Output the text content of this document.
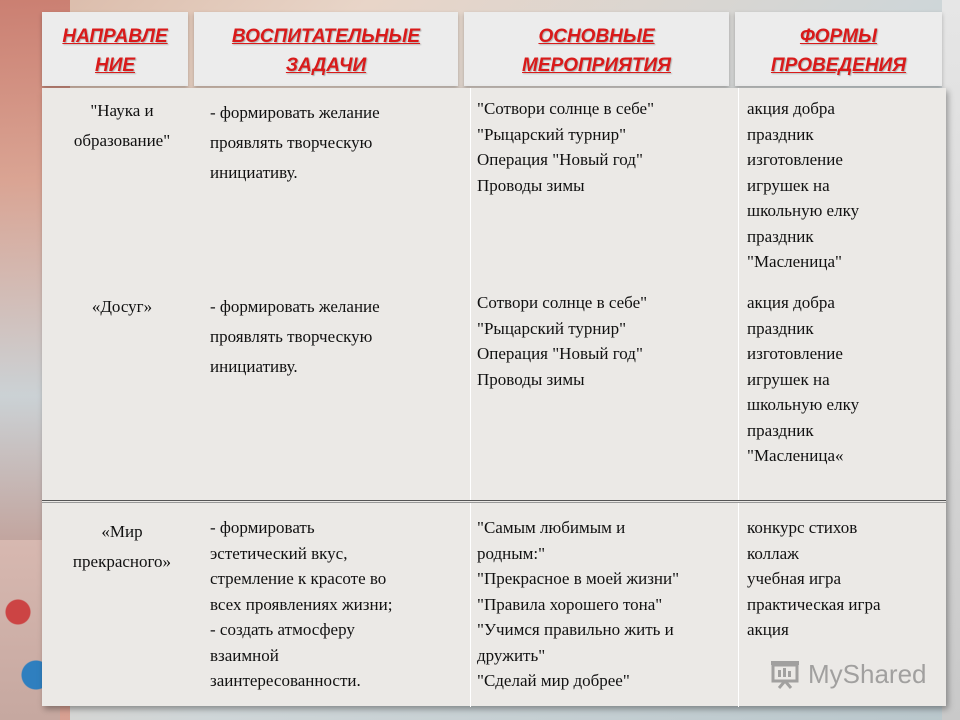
НАПРАВЛЕ
НИЕ
ВОСПИТАТЕЛЬНЫЕ
ЗАДАЧИ
ОСНОВНЫЕ
МЕРОПРИЯТИЯ
ФОРМЫ
ПРОВЕДЕНИЯ
"Наука и
образование"
- формировать желание
проявлять творческую
инициативу.
"Сотвори солнце в себе"
"Рыцарский турнир"
Операция "Новый год"
Проводы зимы
акция добра
праздник
изготовление
игрушек на
школьную елку
праздник
"Масленица"
«Досуг»	- формировать желание
проявлять творческую
инициативу.
Сотвори солнце в себе"
"Рыцарский турнир"
Операция "Новый год"
Проводы зимы
акция добра
праздник
изготовление
игрушек на
школьную елку
праздник
"Масленица«
«Мир
прекрасного»
- формировать
эстетический вкус,
стремление к красоте во
всех проявлениях жизни;
- создать атмосферу
взаимной
заинтересованности.
"Самым любимым и
родным:"
"Прекрасное в моей жизни"
"Правила хорошего тона"
"Учимся правильно жить и
дружить"
"Сделай мир добрее"
конкурс стихов
коллаж
учебная игра
практическая игра
акция
MyShared
